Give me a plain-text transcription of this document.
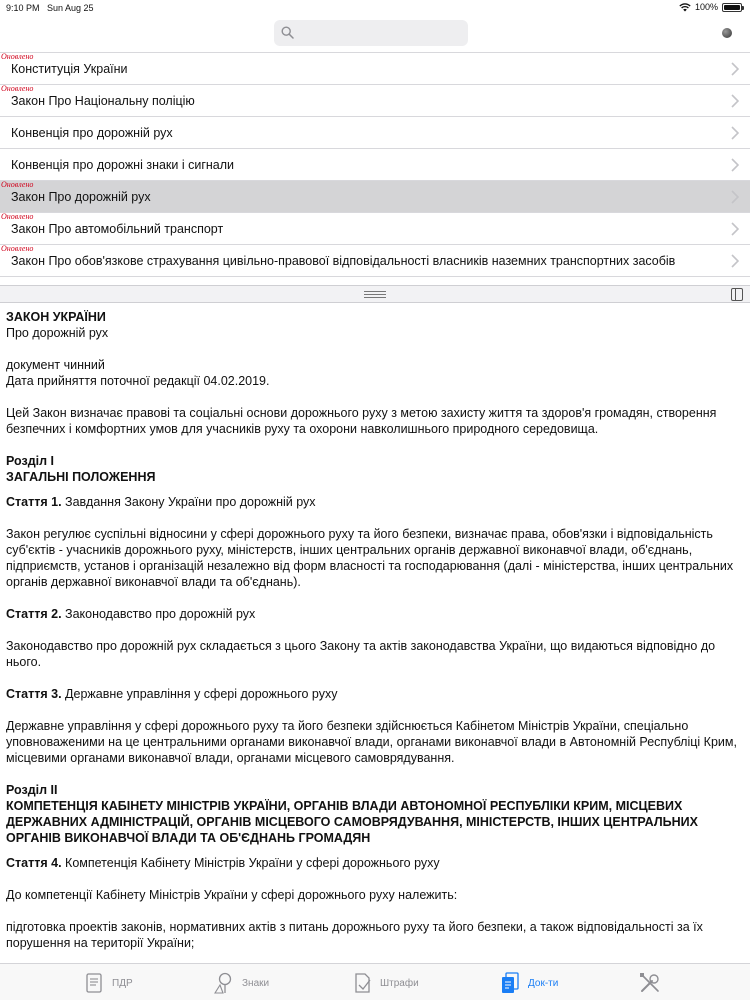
9:10 PM Sun Aug 25	100%
Оновлено
Конституція України
Оновлено
Закон Про Національну поліцію
Конвенція про дорожній рух
Конвенція про дорожні знаки і сигнали
Оновлено
Закон Про дорожній рух
Оновлено
Закон Про автомобільний транспорт
Оновлено
Закон Про обов'язкове страхування цивільно-правової відповідальності власників наземних транспортних засобів

ЗАКОН УКРАЇНИ

Про дорожній рух

документ чинний

Дата прийняття поточної редакції 04.02.2019.

Цей Закон визначає правові та соціальні основи дорожнього руху з метою захисту життя та здоров'я громадян, створення безпечних і комфортних умов для учасників руху та охорони навколишнього природного середовища.

Розділ I

ЗАГАЛЬНІ ПОЛОЖЕННЯ

Стаття 1. Завдання Закону України про дорожній рух

Закон регулює суспільні відносини у сфері дорожнього руху та його безпеки, визначає права, обов'язки і відповідальність суб'єктів - учасників дорожнього руху, міністерств, інших центральних органів державної виконавчої влади, об'єднань, підприємств, установ і організацій незалежно від форм власності та господарювання (далі - міністерства, інших центральних органів державної виконавчої влади та об'єднань).

Стаття 2. Законодавство про дорожній рух

Законодавство про дорожній рух складається з цього Закону та актів законодавства України, що видаються відповідно до нього.

Стаття 3. Державне управління у сфері дорожнього руху

Державне управління у сфері дорожнього руху та його безпеки здійснюється Кабінетом Міністрів України, спеціально уповноваженими на це центральними органами виконавчої влади, органами виконавчої влади в Автономній Республіці Крим, місцевими органами виконавчої влади, органами місцевого самоврядування.

Розділ II

КОМПЕТЕНЦІЯ КАБІНЕТУ МІНІСТРІВ УКРАЇНИ, ОРГАНІВ ВЛАДИ АВТОНОМНОЇ РЕСПУБЛІКИ КРИМ, МІСЦЕВИХ ДЕРЖАВНИХ АДМІНІСТРАЦІЙ, ОРГАНІВ МІСЦЕВОГО САМОВРЯДУВАННЯ, МІНІСТЕРСТВ, ІНШИХ ЦЕНТРАЛЬНИХ ОРГАНІВ ВИКОНАВЧОЇ ВЛАДИ ТА ОБ'ЄДНАНЬ ГРОМАДЯН

Стаття 4. Компетенція Кабінету Міністрів України у сфері дорожнього руху

До компетенції Кабінету Міністрів України у сфері дорожнього руху належить:

підготовка проектів законів, нормативних актів з питань дорожнього руху та його безпеки, а також відповідальності за їх порушення на території України;

ПДР	Знаки	Штрафи	Док-ти
